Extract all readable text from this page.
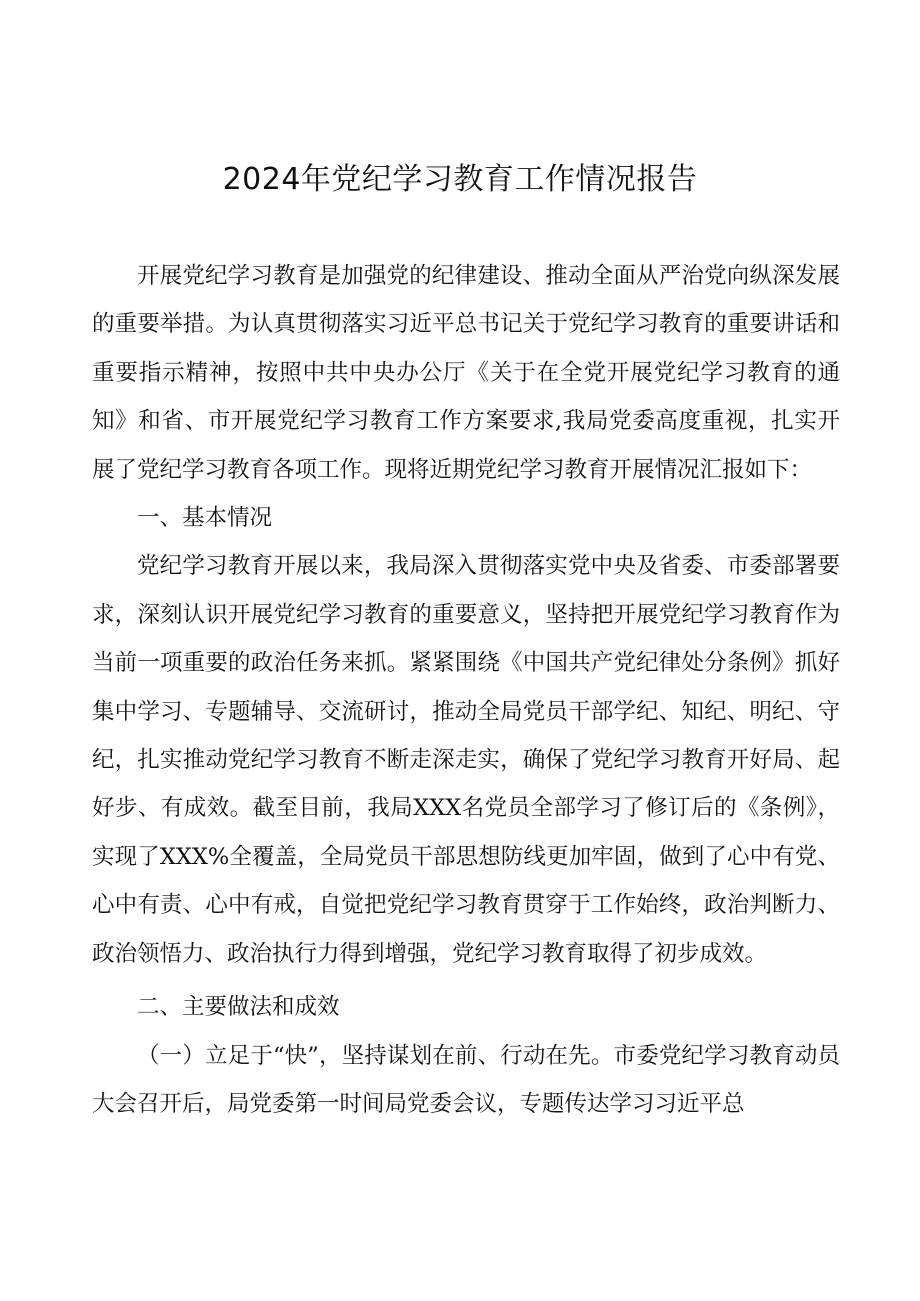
2024年党纪学习教育工作情况报告

开展党纪学习教育是加强党的纪律建设、推动全面从严治党向纵深发展的重要举措。为认真贯彻落实习近平总书记关于党纪学习教育的重要讲话和重要指示精神，按照中共中央办公厅《关于在全党开展党纪学习教育的通知》和省、市开展党纪学习教育工作方案要求,我局党委高度重视，扎实开展了党纪学习教育各项工作。现将近期党纪学习教育开展情况汇报如下：

一、基本情况

党纪学习教育开展以来，我局深入贯彻落实党中央及省委、市委部署要求，深刻认识开展党纪学习教育的重要意义，坚持把开展党纪学习教育作为当前一项重要的政治任务来抓。紧紧围绕《中国共产党纪律处分条例》抓好集中学习、专题辅导、交流研讨，推动全局党员干部学纪、知纪、明纪、守纪，扎实推动党纪学习教育不断走深走实，确保了党纪学习教育开好局、起好步、有成效。截至目前，我局XXX名党员全部学习了修订后的《条例》，实现了XXX%全覆盖，全局党员干部思想防线更加牢固，做到了心中有党、心中有责、心中有戒，自觉把党纪学习教育贯穿于工作始终，政治判断力、政治领悟力、政治执行力得到增强，党纪学习教育取得了初步成效。

二、主要做法和成效

（一）立足于“快”，坚持谋划在前、行动在先。市委党纪学习教育动员大会召开后，局党委第一时间局党委会议，专题传达学习习近平总
